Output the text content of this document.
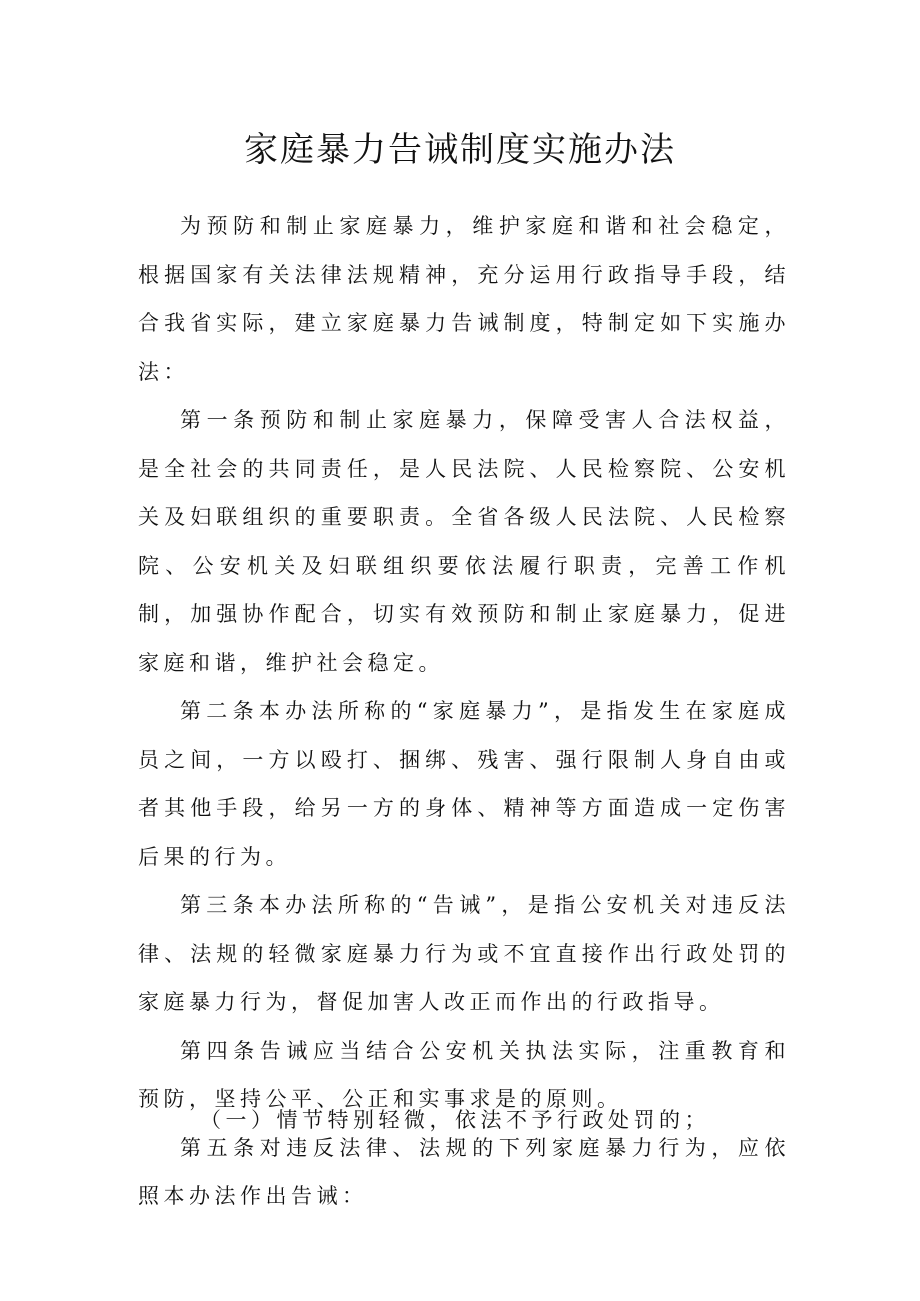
家庭暴力告诫制度实施办法

为预防和制止家庭暴力，维护家庭和谐和社会稳定，根据国家有关法律法规精神，充分运用行政指导手段，结合我省实际，建立家庭暴力告诫制度，特制定如下实施办法：

第一条预防和制止家庭暴力，保障受害人合法权益，是全社会的共同责任，是人民法院、人民检察院、公安机关及妇联组织的重要职责。全省各级人民法院、人民检察院、公安机关及妇联组织要依法履行职责，完善工作机制，加强协作配合，切实有效预防和制止家庭暴力，促进家庭和谐，维护社会稳定。

第二条本办法所称的“家庭暴力”，是指发生在家庭成员之间，一方以殴打、捆绑、残害、强行限制人身自由或者其他手段，给另一方的身体、精神等方面造成一定伤害后果的行为。

第三条本办法所称的“告诫”，是指公安机关对违反法律、法规的轻微家庭暴力行为或不宜直接作出行政处罚的家庭暴力行为，督促加害人改正而作出的行政指导。

第四条告诫应当结合公安机关执法实际，注重教育和预防，坚持公平、公正和实事求是的原则。

第五条对违反法律、法规的下列家庭暴力行为，应依照本办法作出告诫：

（一）情节特别轻微，依法不予行政处罚的；
